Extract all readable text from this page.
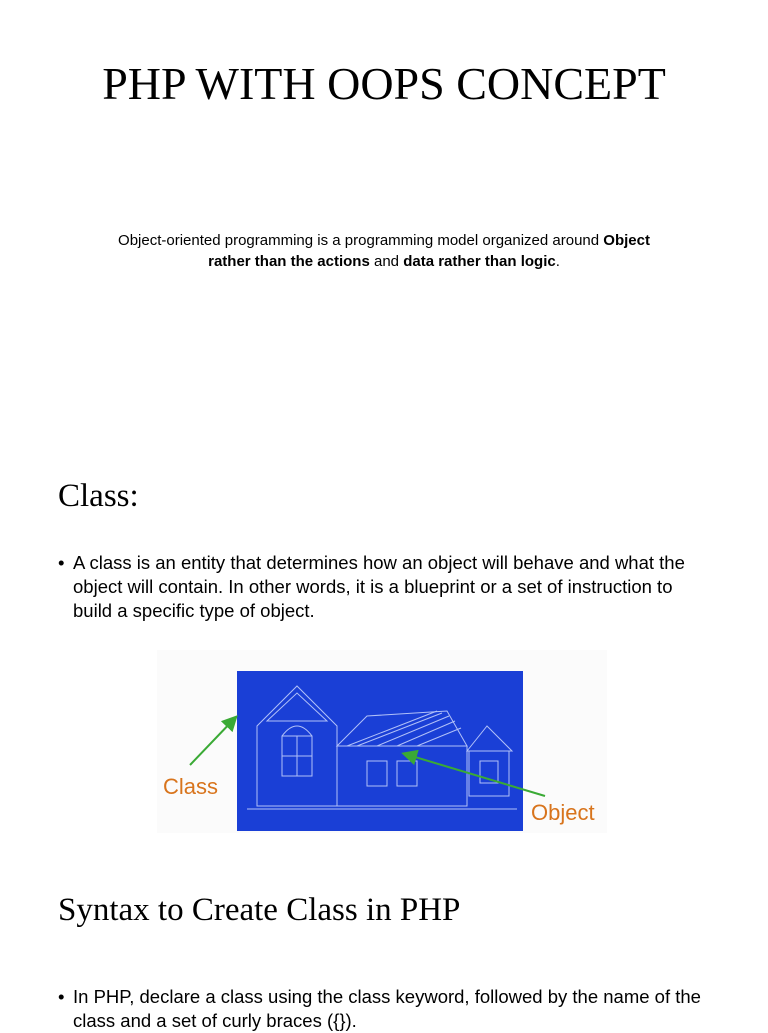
PHP WITH OOPS CONCEPT
Object-oriented programming is a programming model organized around Object rather than the actions and data rather than logic.
Class:
• A class is an entity that determines how an object will behave and what the object will contain. In other words, it is a blueprint or a set of instruction to build a specific type of object.
Class
Object
Syntax to Create Class in PHP
• In PHP, declare a class using the class keyword, followed by the name of the class and a set of curly braces ({}).
